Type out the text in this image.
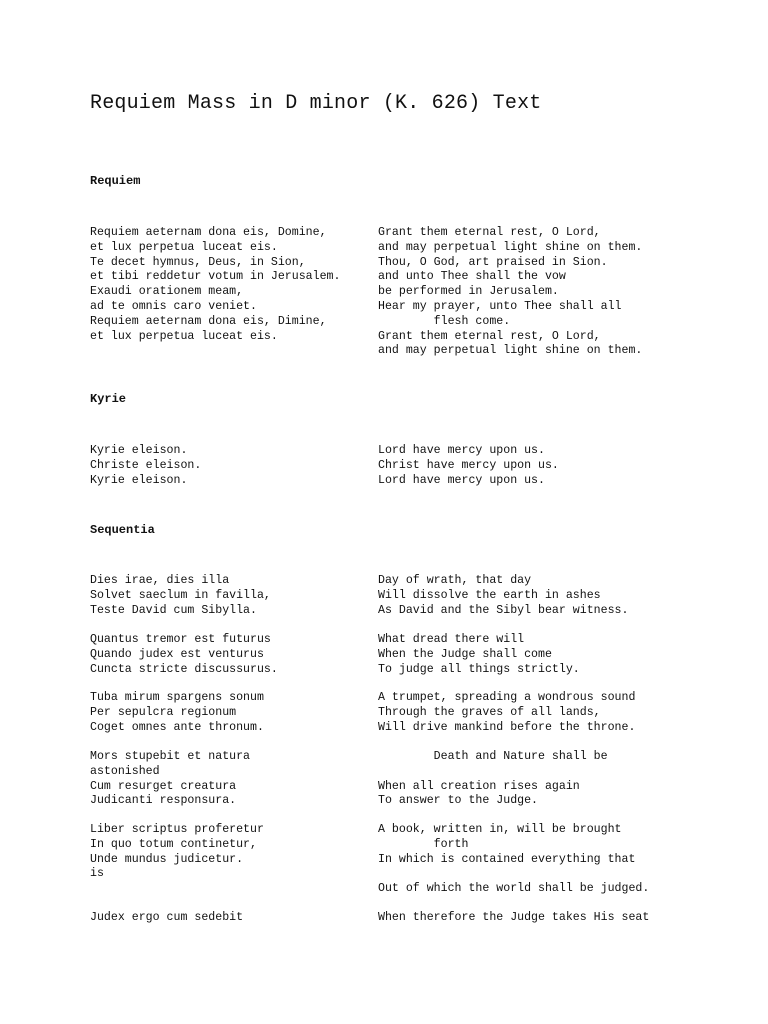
Requiem Mass in D minor (K. 626) Text
Requiem
Requiem aeternam dona eis, Domine,
et lux perpetua luceat eis.
Te decet hymnus, Deus, in Sion,
et tibi reddetur votum in Jerusalem.
Exaudi orationem meam,
ad te omnis caro veniet.
Requiem aeternam dona eis, Dimine,
et lux perpetua luceat eis.
Grant them eternal rest, O Lord,
and may perpetual light shine on them.
Thou, O God, art praised in Sion.
and unto Thee shall the vow
be performed in Jerusalem.
Hear my prayer, unto Thee shall all
flesh come.
Grant them eternal rest, O Lord,
and may perpetual light shine on them.
Kyrie
Kyrie eleison.
Christe eleison.
Kyrie eleison.
Lord have mercy upon us.
Christ have mercy upon us.
Lord have mercy upon us.
Sequentia
Dies irae, dies illa
Solvet saeclum in favilla,
Teste David cum Sibylla.
Day of wrath, that day
Will dissolve the earth in ashes
As David and the Sibyl bear witness.
Quantus tremor est futurus
Quando judex est venturus
Cuncta stricte discussurus.
What dread there will
When the Judge shall come
To judge all things strictly.
Tuba mirum spargens sonum
Per sepulcra regionum
Coget omnes ante thronum.
A trumpet, spreading a wondrous sound
Through the graves of all lands,
Will drive mankind before the throne.
Mors stupebit et natura
astonished
Cum resurget creatura
Judicanti responsura.
Death and Nature shall be

When all creation rises again
To answer to the Judge.
Liber scriptus proferetur
In quo totum continetur,
Unde mundus judicetur.
is
A book, written in, will be brought
forth
In which is contained everything that

Out of which the world shall be judged.
Judex ergo cum sedebit	When therefore the Judge takes His seat
